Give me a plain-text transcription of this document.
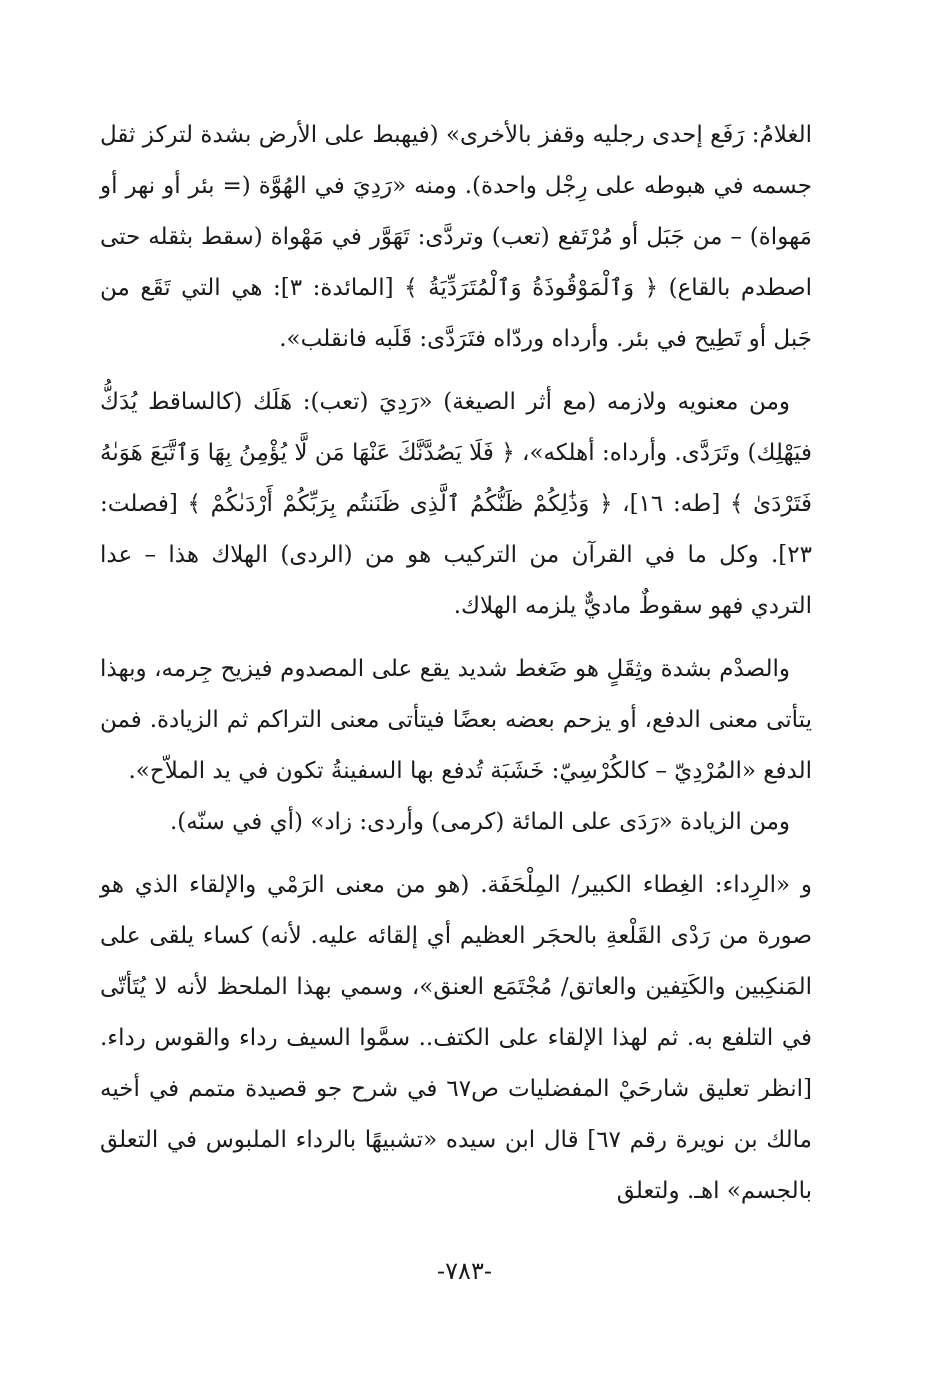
الغلامُ: رَفَع إحدى رجليه وقفز بالأخرى» (فيهبط على الأرض بشدة لتركز ثقل جسمه في هبوطه على رِجْل واحدة). ومنه «رَدِيَ في الهُوَّة (= بئر أو نهر أو مَهواة) – من جَبَل أو مُرْتَفع (تعب) وتردَّى: تَهَوَّر في مَهْواة (سقط بثقله حتى اصطدم بالقاع) ﴿ وَٱلْمَوْقُوذَةُ وَٱلْمُتَرَدِّيَةُ ﴾ [المائدة: ٣]: هي التي تَقَع من جَبل أو تَطِيح في بئر. وأرداه وردّاه فتَرَدَّى: قَلَبه فانقلب».

ومن معنويه ولازمه (مع أثر الصيغة) «رَدِيَ (تعب): هَلَك (كالساقط يُدَكُّ فيَهْلِك) وتَرَدَّى. وأرداه: أهلكه»، ﴿ فَلَا يَصُدَّنَّكَ عَنْهَا مَن لَّا يُؤْمِنُ بِهَا وَٱتَّبَعَ هَوَىٰهُ فَتَرْدَىٰ ﴾ [طه: ١٦]، ﴿ وَذَٰلِكُمْ ظَنُّكُمُ ٱلَّذِى ظَنَنتُم بِرَبِّكُمْ أَرْدَىٰكُمْ ﴾ [فصلت: ٢٣]. وكل ما في القرآن من التركيب هو من (الردى) الهلاك هذا – عدا التردي فهو سقوطٌ ماديٌّ يلزمه الهلاك.

والصدْم بشدة وثِقَلٍ هو ضَغط شديد يقع على المصدوم فيزيح جِرمه، وبهذا يتأتى معنى الدفع، أو يزحم بعضه بعضًا فيتأتى معنى التراكم ثم الزيادة. فمن الدفع «المُرْدِيّ – كالكُرْسِيّ: خَشَبَة تُدفع بها السفينةُ تكون في يد الملاّح».

ومن الزيادة «رَدَى على المائة (كرمى) وأردى: زاد» (أي في سنّه).

و «الرِداء: الغِطاء الكبير/ المِلْحَفَة. (هو من معنى الرَمْي والإلقاء الذي هو صورة من رَدْى القَلْعةِ بالحجَر العظيم أي إلقائه عليه. لأنه) كساء يلقى على المَنكِبين والكَتِفين والعاتق/ مُجْتَمَع العنق»، وسمي بهذا الملحظ لأنه لا يُتَأتّى في التلفع به. ثم لهذا الإلقاء على الكتف.. سمَّوا السيف رداء والقوس رداء. [انظر تعليق شارحَيْ المفضليات ص٦٧ في شرح جو قصيدة متمم في أخيه مالك بن نويرة رقم ٦٧] قال ابن سيده «تشبيهًا بالرداء الملبوس في التعلق بالجسم» اهـ. ولتعلق

-٧٨٣-
